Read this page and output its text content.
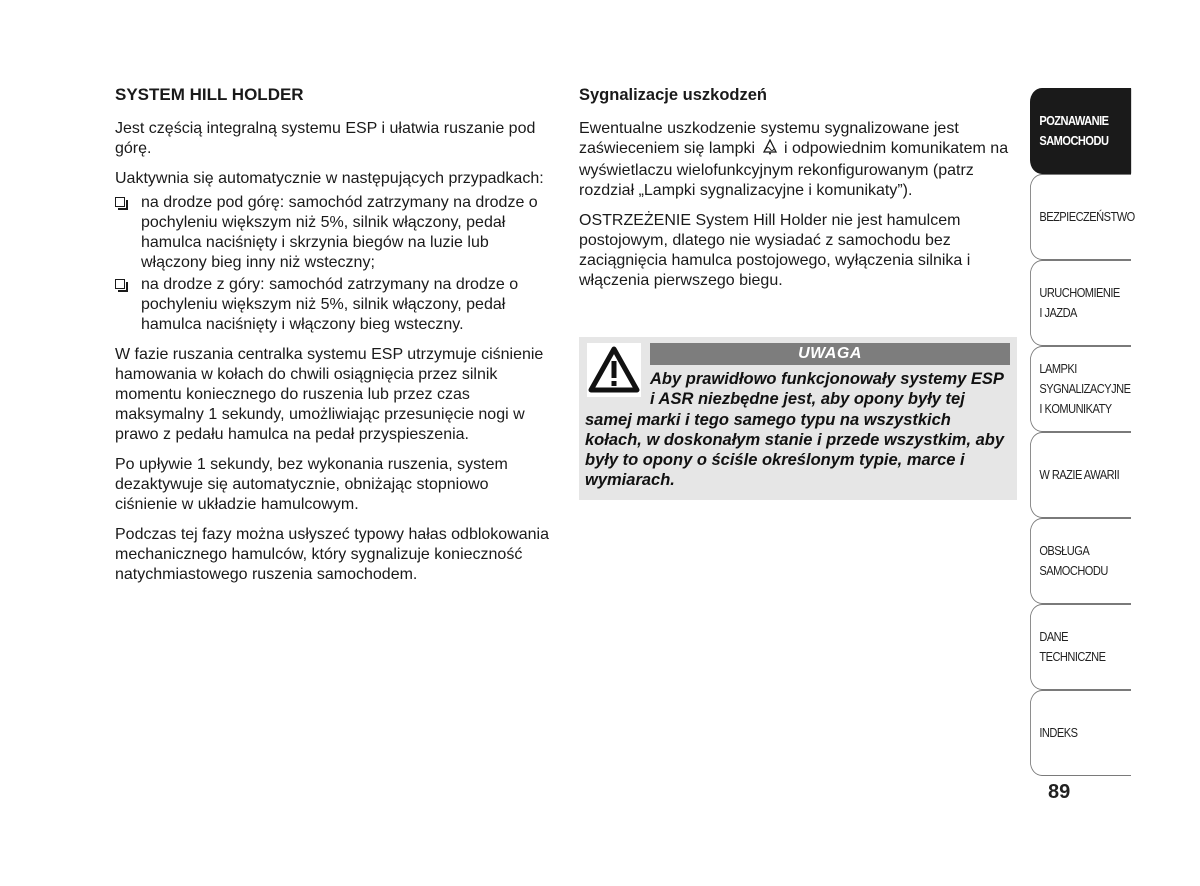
SYSTEM HILL HOLDER

Jest częścią integralną systemu ESP i ułatwia ruszanie pod górę.

Uaktywnia się automatycznie w następujących przypadkach:

na drodze pod górę: samochód zatrzymany na drodze o pochyleniu większym niż 5%, silnik włączony, pedał hamulca naciśnięty i skrzynia biegów na luzie lub włączony bieg inny niż wsteczny;
na drodze z góry: samochód zatrzymany na drodze o pochyleniu większym niż 5%, silnik włączony, pedał hamulca naciśnięty i włączony bieg wsteczny.

W fazie ruszania centralka systemu ESP utrzymuje ciśnienie hamowania w kołach do chwili osiągnięcia przez silnik momentu koniecznego do ruszenia lub przez czas maksymalny 1 sekundy, umożliwiając przesunięcie nogi w prawo z pedału hamulca na pedał przyspieszenia.

Po upływie 1 sekundy, bez wykonania ruszenia, system dezaktywuje się automatycznie, obniżając stopniowo ciśnienie w układzie hamulcowym.

Podczas tej fazy można usłyszeć typowy hałas odblokowania mechanicznego hamulców, który sygnalizuje konieczność natychmiastowego ruszenia samochodem.

Sygnalizacje uszkodzeń

Ewentualne uszkodzenie systemu sygnalizowane jest zaświeceniem się lampki i odpowiednim komunikatem na wyświetlaczu wielofunkcyjnym rekonfigurowanym (patrz rozdział „Lampki sygnalizacyjne i komunikaty”).

OSTRZEŻENIE System Hill Holder nie jest hamulcem postojowym, dlatego nie wysiadać z samochodu bez zaciągnięcia hamulca postojowego, wyłączenia silnika i włączenia pierwszego biegu.

UWAGA
Aby prawidłowo funkcjonowały systemy ESP i ASR niezbędne jest, aby opony były tej samej marki i tego samego typu na wszystkich kołach, w doskonałym stanie i przede wszystkim, aby były to opony o ściśle określonym typie, marce i wymiarach.
POZNAWANIE
SAMOCHODU
BEZPIECZEŃSTWO
URUCHOMIENIE
I JAZDA
LAMPKI
SYGNALIZACYJNE
I KOMUNIKATY
W RAZIE AWARII
OBSŁUGA
SAMOCHODU
DANE
TECHNICZNE
INDEKS
89
